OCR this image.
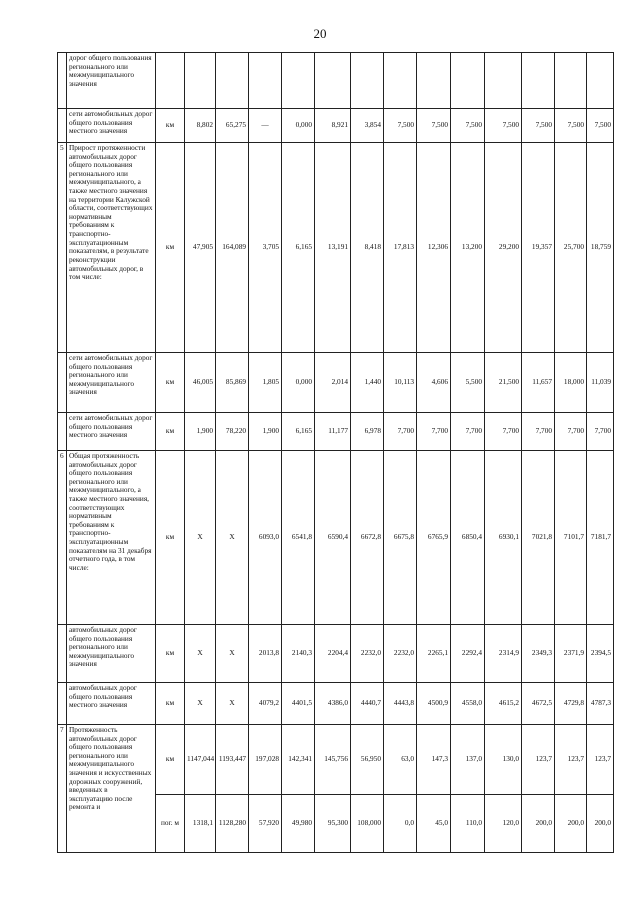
20
	дорог общего пользования регионального или межмуниципального значения														
	сети автомобильных дорог общего пользования местного значения	км	8,802	65,275	—	0,000	8,921	3,854	7,500	7,500	7,500	7,500	7,500	7,500	7,500
5	Прирост протяженности автомобильных дорог общего пользования регионального или межмуниципального, а также местного значения на территории Калужской области, соответствующих нормативным требованиям к транспортно-эксплуатационным показателям, в результате реконструкции автомобильных дорог, в том числе:	км	47,905	164,089	3,705	6,165	13,191	8,418	17,813	12,306	13,200	29,200	19,357	25,700	18,759
	сети автомобильных дорог общего пользования регионального или межмуниципального значения	км	46,005	85,869	1,805	0,000	2,014	1,440	10,113	4,606	5,500	21,500	11,657	18,000	11,039
	сети автомобильных дорог общего пользования местного значения	км	1,900	78,220	1,900	6,165	11,177	6,978	7,700	7,700	7,700	7,700	7,700	7,700	7,700
6	Общая протяженность автомобильных дорог общего пользования регионального или межмуниципального, а также местного значения, соответствующих нормативным требованиям к транспортно-эксплуатационным показателям на 31 декабря отчетного года, в том числе:	км	X	X	6093,0	6541,8	6590,4	6672,8	6675,8	6765,9	6850,4	6930,1	7021,8	7101,7	7181,7
	автомобильных дорог общего пользования регионального или межмуниципального значения	км	X	X	2013,8	2140,3	2204,4	2232,0	2232,0	2265,1	2292,4	2314,9	2349,3	2371,9	2394,5
	автомобильных дорог общего пользования местного значения	км	X	X	4079,2	4401,5	4386,0	4440,7	4443,8	4500,9	4558,0	4615,2	4672,5	4729,8	4787,3
7	Протяженность автомобильных дорог общего пользования регионального или межмуниципального значения и искусственных дорожных сооружений, введенных в эксплуатацию после ремонта и	км	1147,044	1193,447	197,028	142,341	145,756	56,950	63,0	147,3	137,0	130,0	123,7	123,7	123,7
		пог. м	1318,1	1128,280	57,920	49,980	95,300	108,000	0,0	45,0	110,0	120,0	200,0	200,0	200,0
